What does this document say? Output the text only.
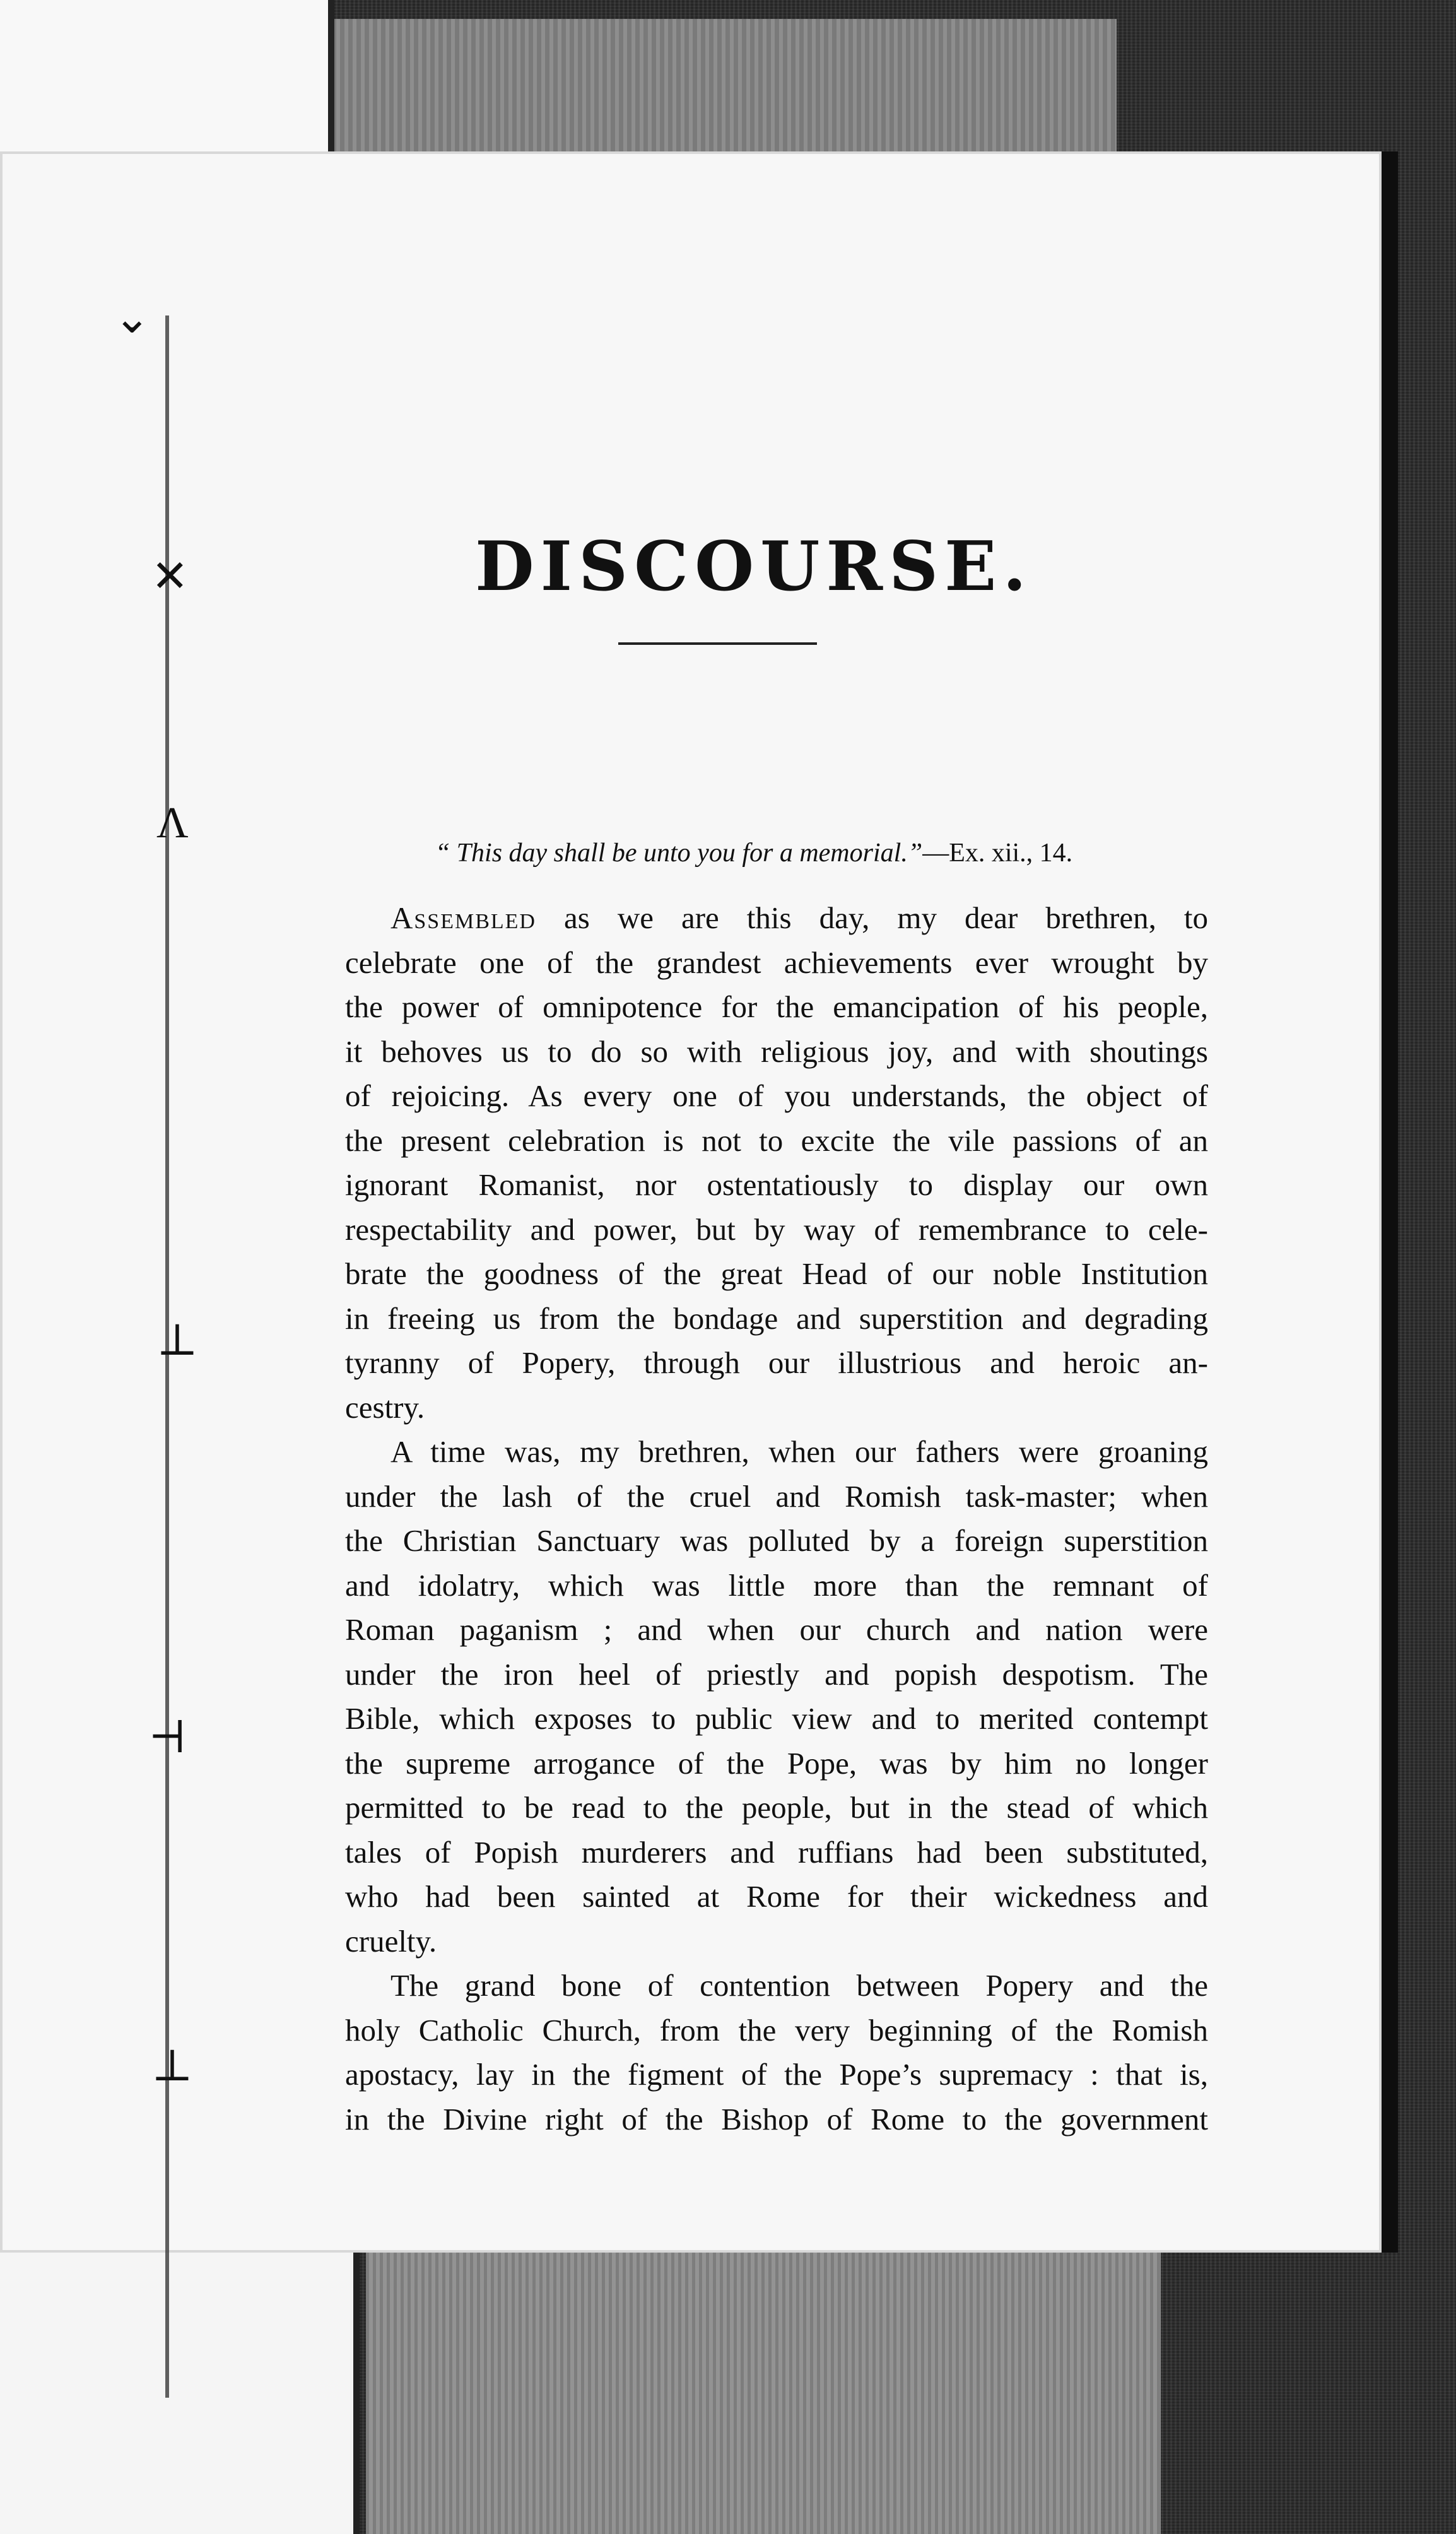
⌄
✕
Λ
⊥
⊣
⊥
DISCOURSE.
“ This day shall be unto you for a memorial.”—Ex. xii., 14.
Assembled as we are this day, my dear brethren, to
celebrate one of the grandest achievements ever wrought by
the power of omnipotence for the emancipation of his people,
it behoves us to do so with religious joy, and with shoutings
of rejoicing. As every one of you understands, the object of
the present celebration is not to excite the vile passions of an
ignorant Romanist, nor ostentatiously to display our own
respectability and power, but by way of remembrance to cele-
brate the goodness of the great Head of our noble Institution
in freeing us from the bondage and superstition and degrading
tyranny of Popery, through our illustrious and heroic an-
cestry.
A time was, my brethren, when our fathers were groaning
under the lash of the cruel and Romish task-master; when
the Christian Sanctuary was polluted by a foreign superstition
and idolatry, which was little more than the remnant of
Roman paganism ; and when our church and nation were
under the iron heel of priestly and popish despotism. The
Bible, which exposes to public view and to merited contempt
the supreme arrogance of the Pope, was by him no longer
permitted to be read to the people, but in the stead of which
tales of Popish murderers and ruffians had been substituted,
who had been sainted at Rome for their wickedness and
cruelty.
The grand bone of contention between Popery and the
holy Catholic Church, from the very beginning of the Romish
apostacy, lay in the figment of the Pope’s supremacy : that is,
in the Divine right of the Bishop of Rome to the government
